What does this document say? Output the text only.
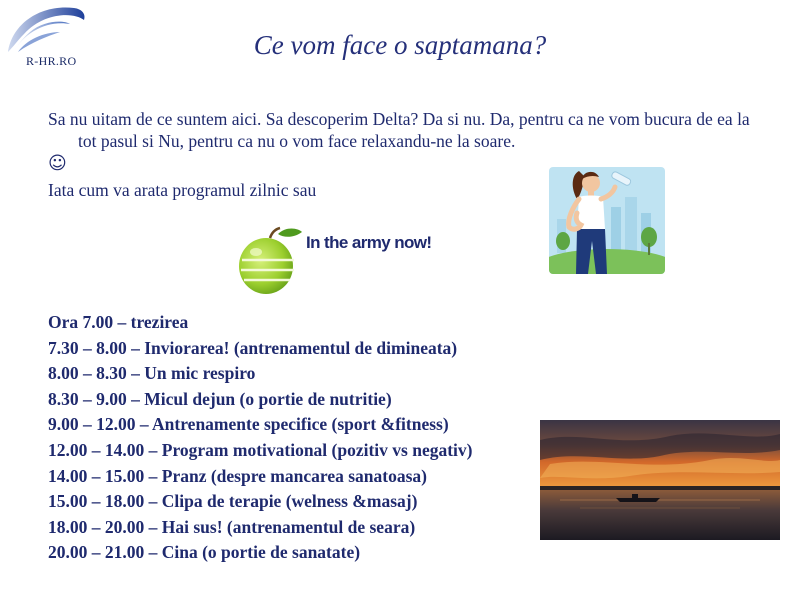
R-HR.RO
Ce vom face o saptamana?

Sa nu uitam de ce suntem aici. Sa descoperim Delta? Da si nu. Da, pentru ca ne vom bucura de ea la tot pasul si Nu, pentru ca nu o vom face relaxandu-ne la soare.
☺

Iata cum va arata programul zilnic sau

In the army now!
Ora 7.00 – trezirea
7.30 – 8.00 – Inviorarea! (antrenamentul de dimineata)
8.00 – 8.30 – Un mic respiro
8.30 – 9.00 – Micul dejun (o portie de nutritie)
9.00 – 12.00 – Antrenamente specifice (sport &fitness)
12.00 – 14.00 – Program motivational (pozitiv vs negativ)
14.00 – 15.00 – Pranz (despre mancarea sanatoasa)
15.00 – 18.00 – Clipa de terapie (welness &masaj)
18.00 – 20.00 – Hai sus! (antrenamentul de seara)
20.00 – 21.00 – Cina (o portie de sanatate)
